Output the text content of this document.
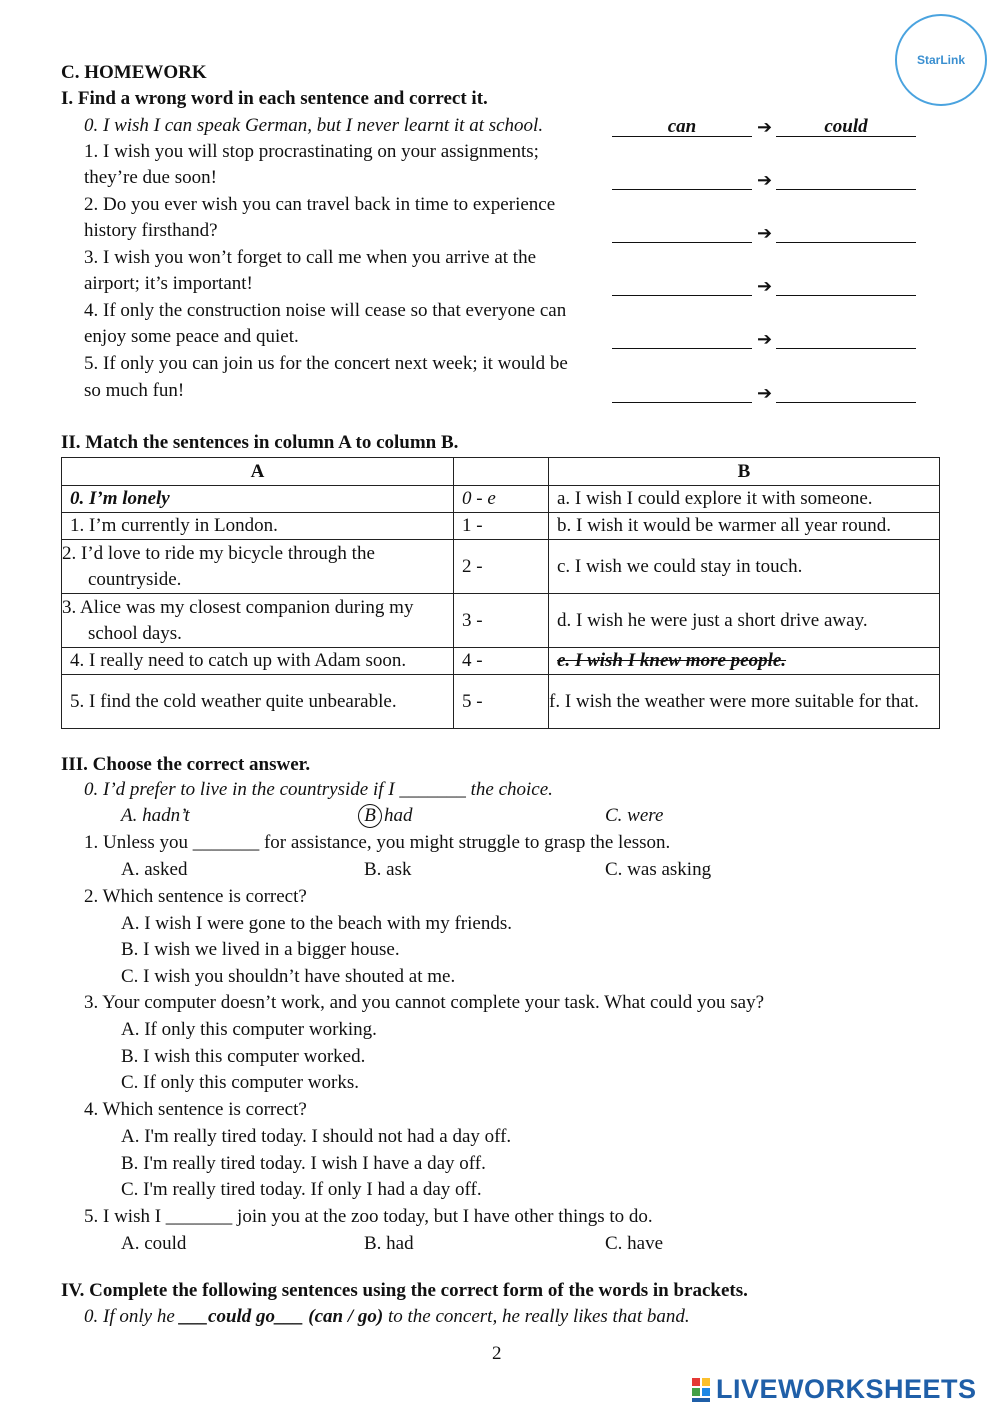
StarLink
C. HOMEWORK
I. Find a wrong word in each sentence and correct it.
0. I wish I can speak German, but I never learnt it at school.	can	➔	could
1. I wish you will stop procrastinating on your assignments;
they’re due soon!	➔
2. Do you ever wish you can travel back in time to experience
history firsthand?	➔
3. I wish you won’t forget to call me when you arrive at the
airport; it’s important!	➔
4. If only the construction noise will cease so that everyone can
enjoy some peace and quiet.	➔
5. If only you can join us for the concert next week; it would be
so much fun!	➔
II. Match the sentences in column A to column B.
A		B
0. I’m lonely	0 - e	a. I wish I could explore it with someone.
1. I’m currently in London.	1 -	b. I wish it would be warmer all year round.
2. I’d love to ride my bicycle through the countryside.	2 -	c. I wish we could stay in touch.
3. Alice was my closest companion during my school days.	3 -	d. I wish he were just a short drive away.
4. I really need to catch up with Adam soon.	4 -	e. I wish I knew more people.
5. I find the cold weather quite unbearable.	5 -	f. I wish the weather were more suitable for that.
III. Choose the correct answer.
0. I’d prefer to live in the countryside if I _______ the choice.
A. hadn’t	B had	C. were
1. Unless you _______ for assistance, you might struggle to grasp the lesson.
A. asked	B. ask	C. was asking
2. Which sentence is correct?
A. I wish I were gone to the beach with my friends.
B. I wish we lived in a bigger house.
C. I wish you shouldn’t have shouted at me.
3. Your computer doesn’t work, and you cannot complete your task. What could you say?
A. If only this computer working.
B. I wish this computer worked.
C. If only this computer works.
4. Which sentence is correct?
A. I'm really tired today. I should not had a day off.
B. I'm really tired today. I wish I have a day off.
C. I'm really tired today. If only I had a day off.
5. I wish I _______ join you at the zoo today, but I have other things to do.
A. could	B. had	C. have
IV. Complete the following sentences using the correct form of the words in brackets.
0. If only he ___could go___ (can / go) to the concert, he really likes that band.
2
LIVEWORKSHEETS
